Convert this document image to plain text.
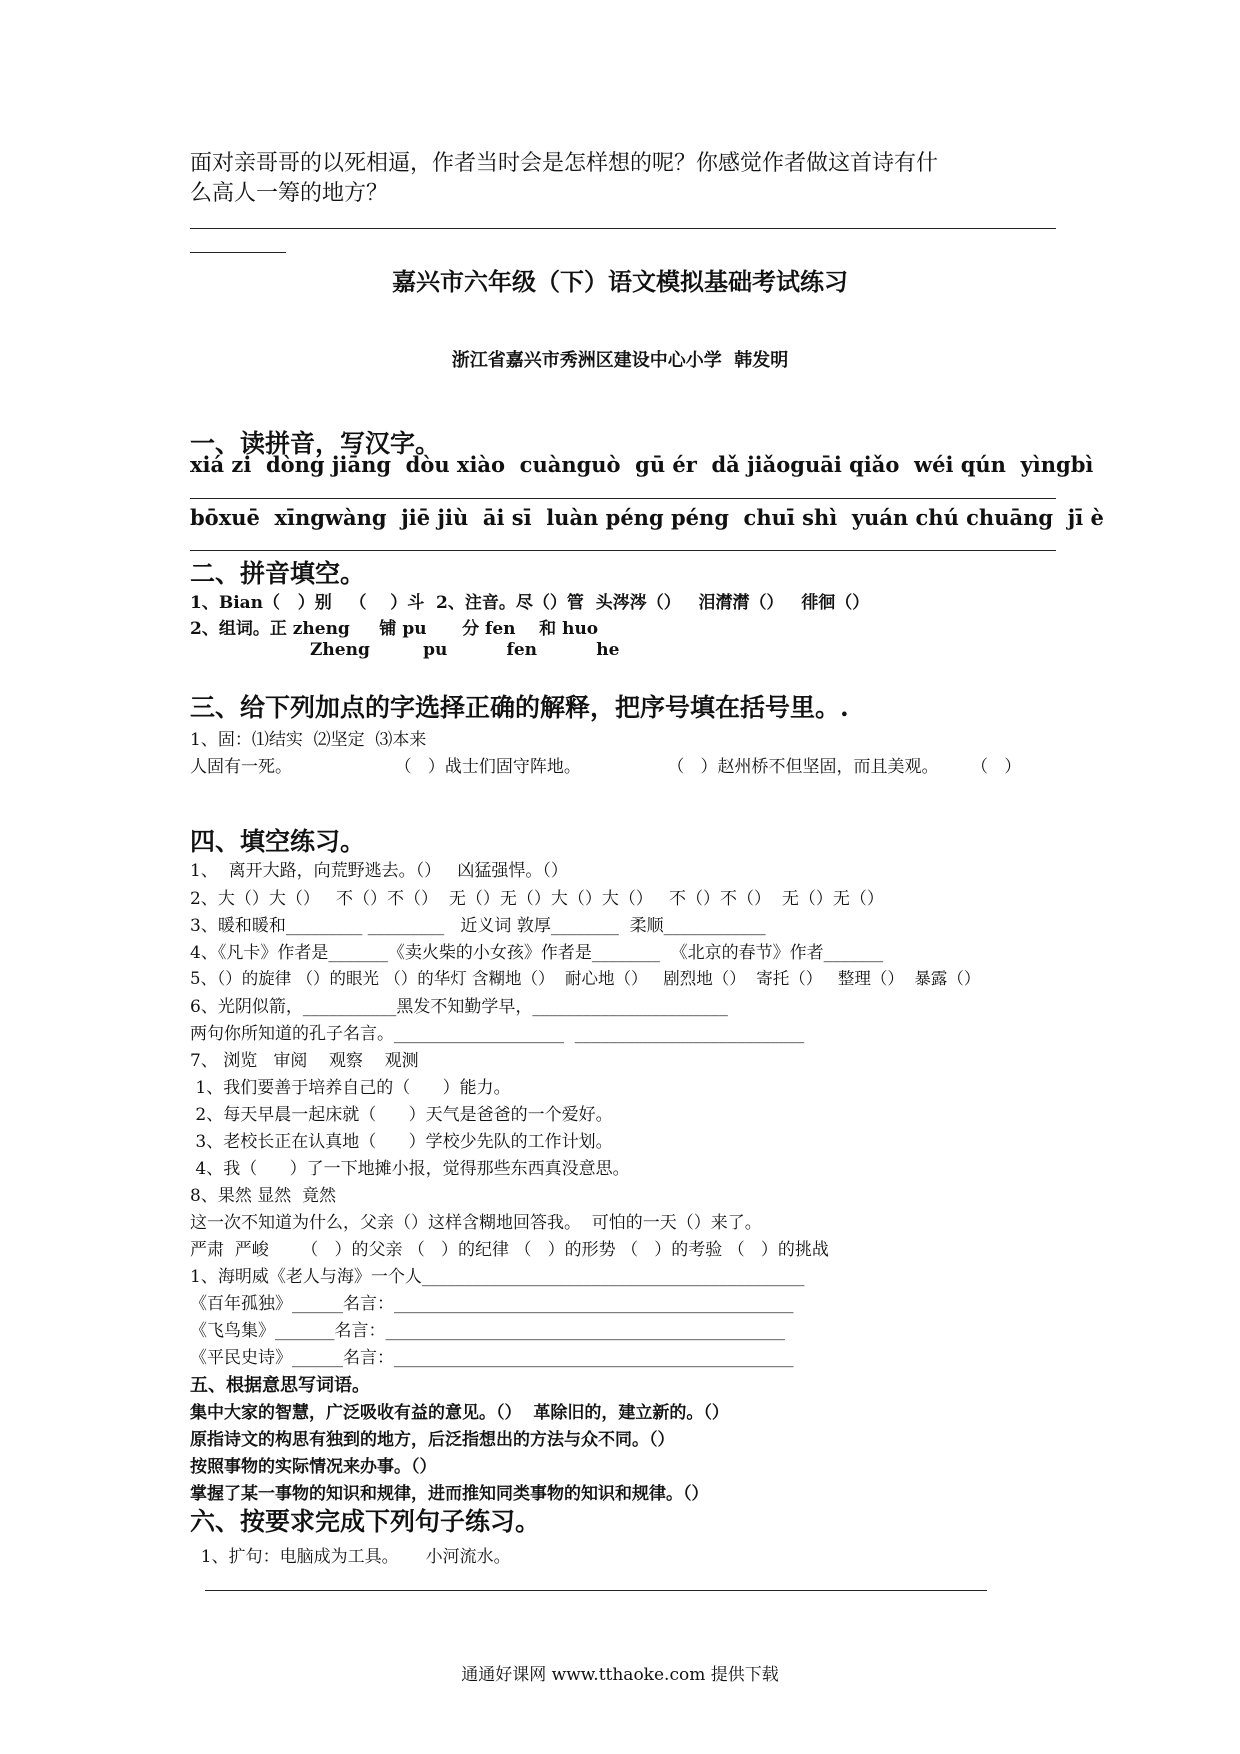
面对亲哥哥的以死相逼，作者当时会是怎样想的呢？你感觉作者做这首诗有什
么高人一筹的地方？
嘉兴市六年级（下）语文模拟基础考试练习
浙江省嘉兴市秀洲区建设中心小学  韩发明
一、读拼音，写汉字。
xiá zi  dòng jiāng  dòu xiào  cuànguò  gū ér  dǎ jiǎoguāi qiǎo  wéi qún  yìngbì
bōxuē  xīngwàng  jiē jiù  āi sī  luàn péng péng  chuī shì  yuán chú chuāng  jī è
二、拼音填空。
1、Bian（   ）别   （    ）斗  2、注音。尽（）管  头涔涔（）   泪潸潸（）   徘徊（）
2、组词。正 zheng     铺 pu      分 fen    和 huo
Zheng         pu          fen          he
三、给下列加点的字选择正确的解释，把序号填在括号里。.
1、固：⑴结实  ⑵坚定  ⑶本来
人固有一死。                   （   ）战士们固守阵地。                （   ）赵州桥不但坚固，而且美观。      （   ）
四、填空练习。
1、  离开大路，向荒野逃去。（）   凶猛强悍。（）
2、大（）大（）   不（）不（）  无（）无（）大（）大（）   不（）不（）  无（）无（）
3、暖和暖和_________ _________   近义词 敦厚________  柔顺____________
4、《凡卡》作者是_______《卖火柴的小女孩》作者是________  《北京的春节》作者_______
5、（）的旋律 （）的眼光 （）的华灯 含糊地（）  耐心地（）   剧烈地（）  寄托（）   整理（）  暴露（）
6、光阴似箭，___________黑发不知勤学早，_______________________
两句你所知道的孔子名言。____________________  ___________________________
7、 浏览   审阅    观察    观测
1、我们要善于培养自己的（      ）能力。
2、每天早晨一起床就（      ）天气是爸爸的一个爱好。
3、老校长正在认真地（      ）学校少先队的工作计划。
4、我（      ）了一下地摊小报，觉得那些东西真没意思。
8、果然 显然  竟然
这一次不知道为什么，父亲（）这样含糊地回答我。  可怕的一天（）来了。
严肃  严峻      （   ）的父亲 （   ）的纪律 （   ）的形势 （   ）的考验 （   ）的挑战
1、海明威《老人与海》一个人_____________________________________________
《百年孤独》______名言：_______________________________________________
《飞鸟集》_______名言：_______________________________________________
《平民史诗》______名言：_______________________________________________
五、根据意思写词语。
集中大家的智慧，广泛吸收有益的意见。（）  革除旧的，建立新的。（）
原指诗文的构思有独到的地方，后泛指想出的方法与众不同。（）
按照事物的实际情况来办事。（）
掌握了某一事物的知识和规律，进而推知同类事物的知识和规律。（）
六、按要求完成下列句子练习。
1、扩句：电脑成为工具。     小河流水。
通通好课网 www.tthaoke.com 提供下载
